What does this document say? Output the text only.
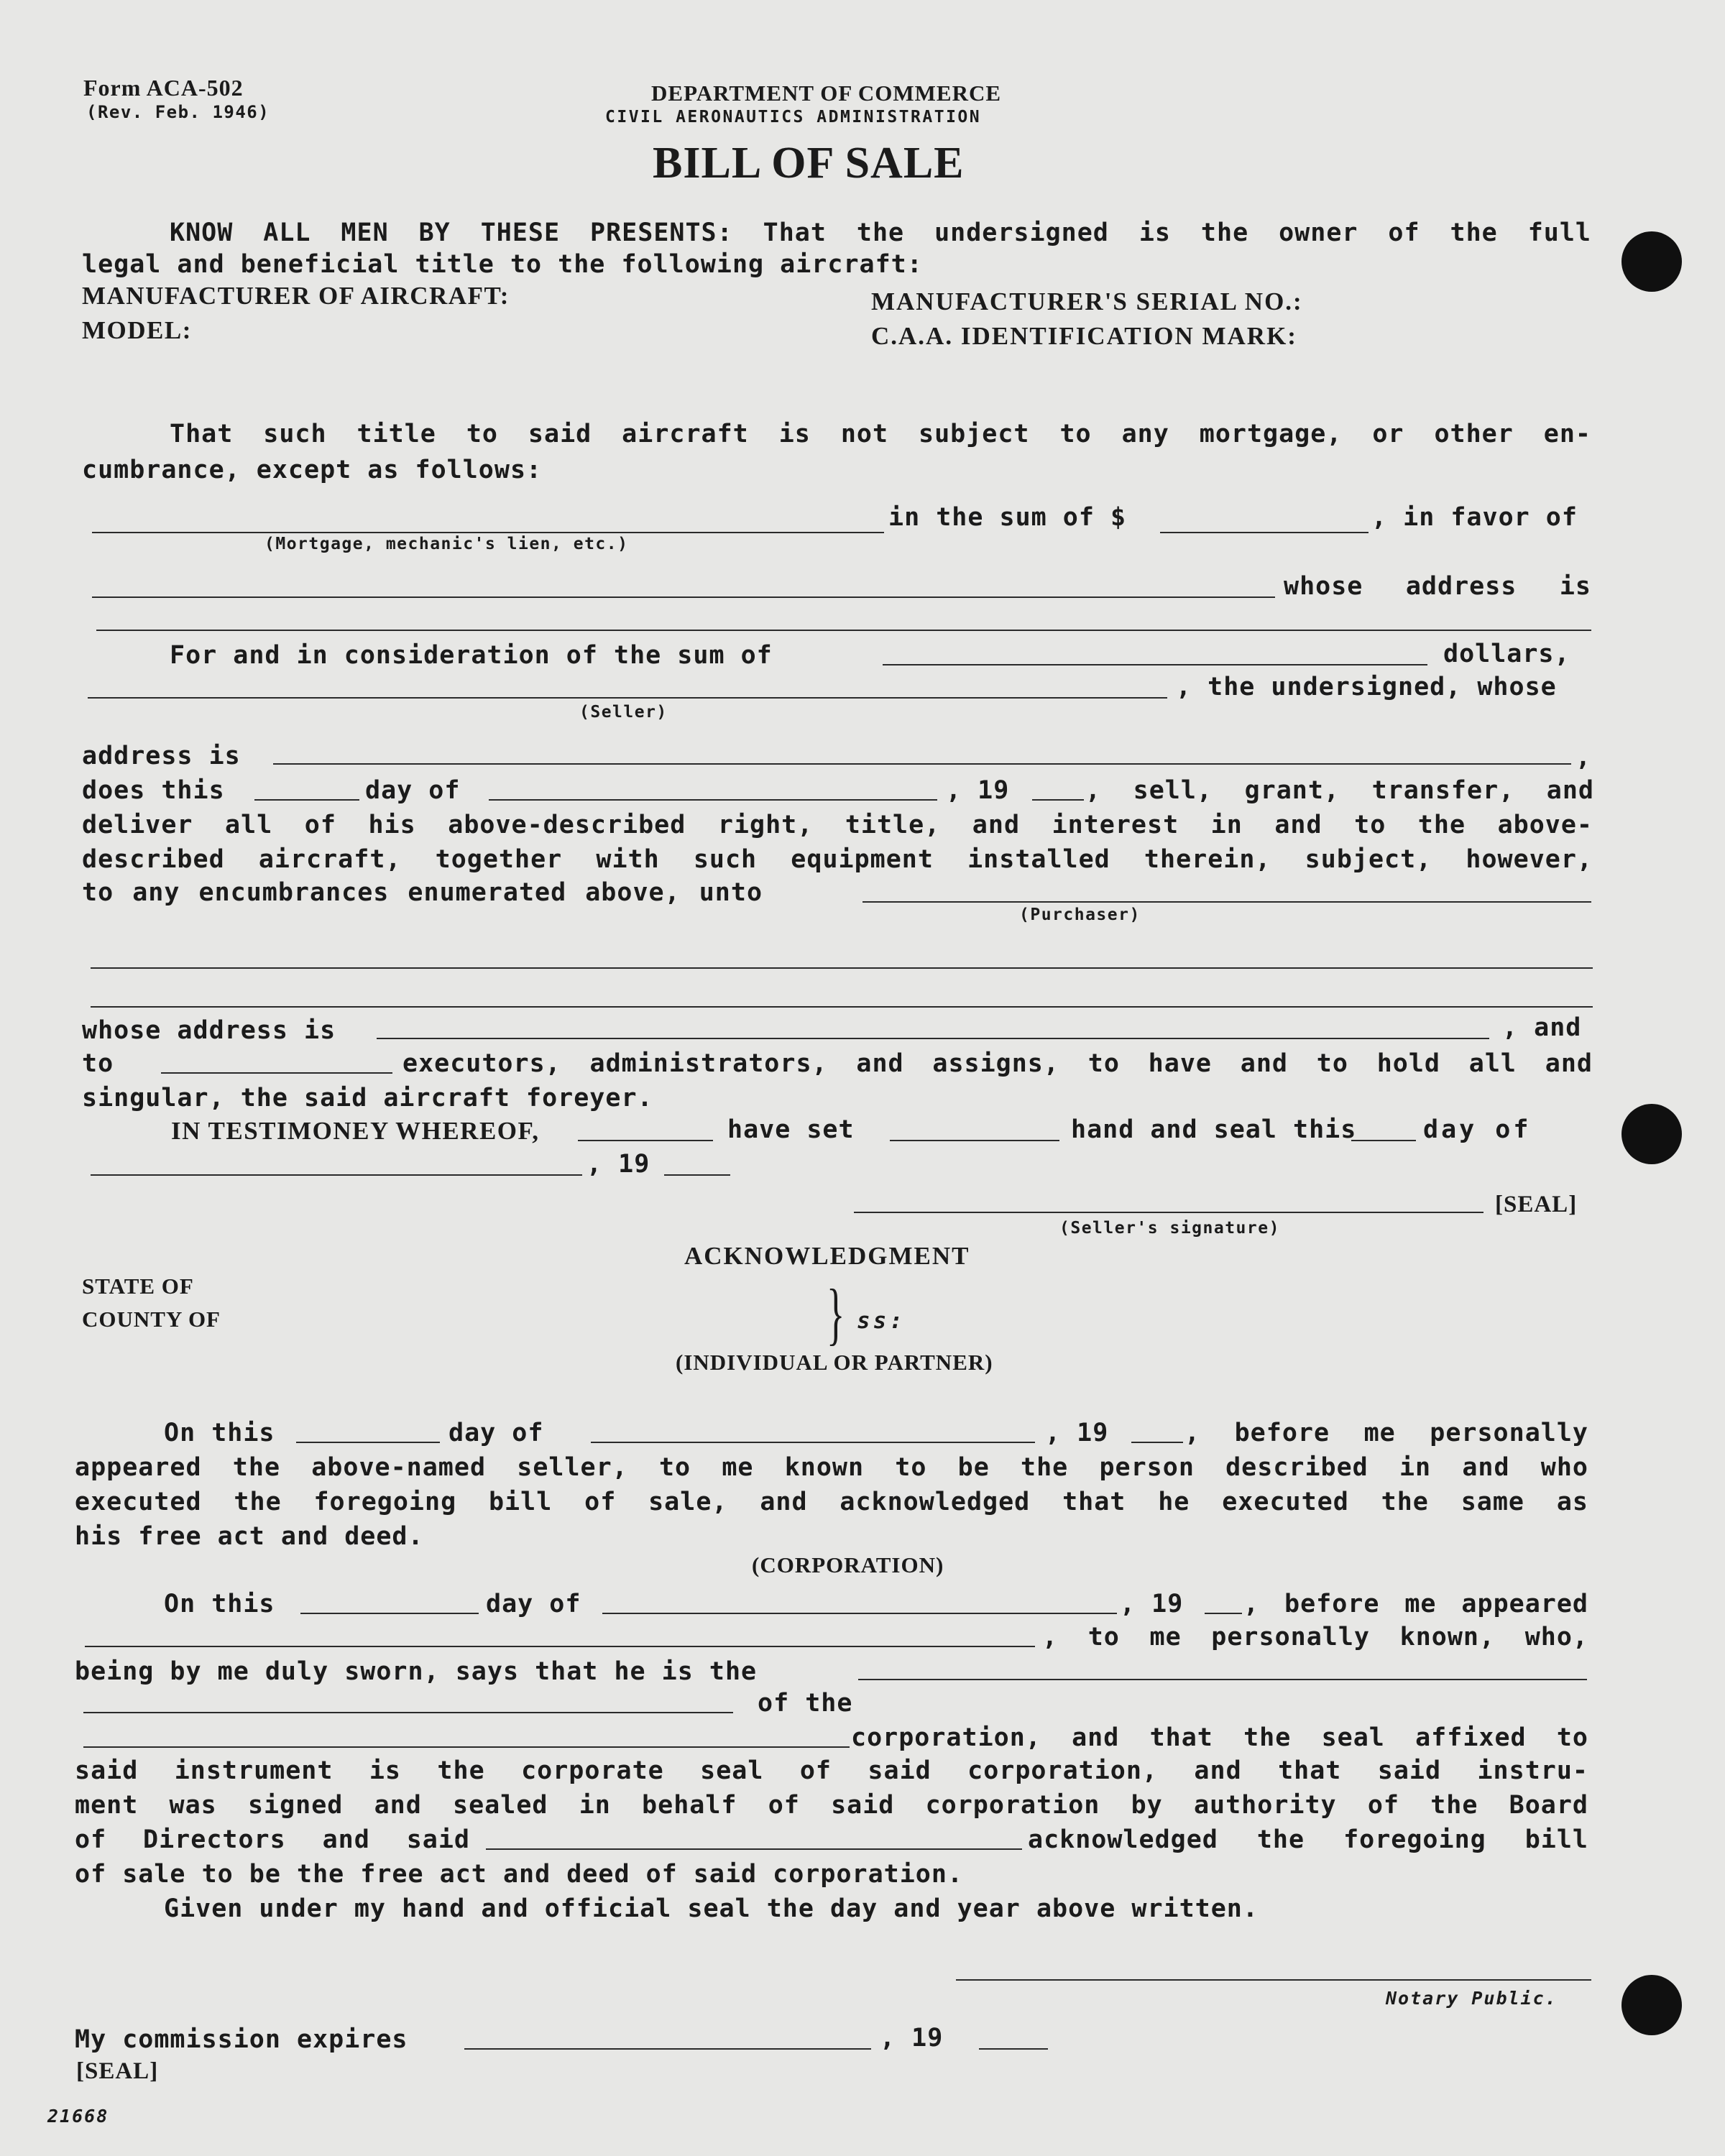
Form ACA-502
(Rev. Feb. 1946)
DEPARTMENT OF COMMERCE
CIVIL AERONAUTICS ADMINISTRATION
BILL OF SALE
KNOW ALL MEN BY THESE PRESENTS: That the undersigned is the owner of the full
legal and beneficial title to the following aircraft:
MANUFACTURER OF AIRCRAFT:	MANUFACTURER'S SERIAL NO.:
MODEL:	C.A.A. IDENTIFICATION MARK:
That such title to said aircraft is not subject to any mortgage, or other en-
cumbrance, except as follows:
in the sum of $	, in favor of
(Mortgage, mechanic's lien, etc.)
whose address is
For and in consideration of the sum of	dollars,
, the undersigned, whose
(Seller)
address is	,
does this	day of	, 19	, sell, grant, transfer, and
deliver all of his above-described right, title, and interest in and to the above-
described aircraft, together with such equipment installed therein, subject, however,
to any encumbrances enumerated above, unto
(Purchaser)
whose address is	, and
to	executors, administrators, and assigns, to have and to hold all and
singular, the said aircraft foreyer.
IN TESTIMONEY WHEREOF,	have set	hand and seal this	day of
, 19
[SEAL]
(Seller's signature)
ACKNOWLEDGMENT
STATE OF
COUNTY OF	} ss:
(INDIVIDUAL OR PARTNER)
On this	day of	, 19	, before me personally
appeared the above-named seller, to me known to be the person described in and who
executed the foregoing bill of sale, and acknowledged that he executed the same as
his free act and deed.
(CORPORATION)
On this	day of	, 19 , before me appeared
, to me personally known, who,
being by me duly sworn, says that he is the
of the
corporation, and that the seal affixed to
said instrument is the corporate seal of said corporation, and that said instru-
ment was signed and sealed in behalf of said corporation by authority of the Board
of Directors and said	acknowledged the foregoing bill
of sale to be the free act and deed of said corporation.
Given under my hand and official seal the day and year above written.
Notary Public.
My commission expires	, 19
[SEAL]
21668
